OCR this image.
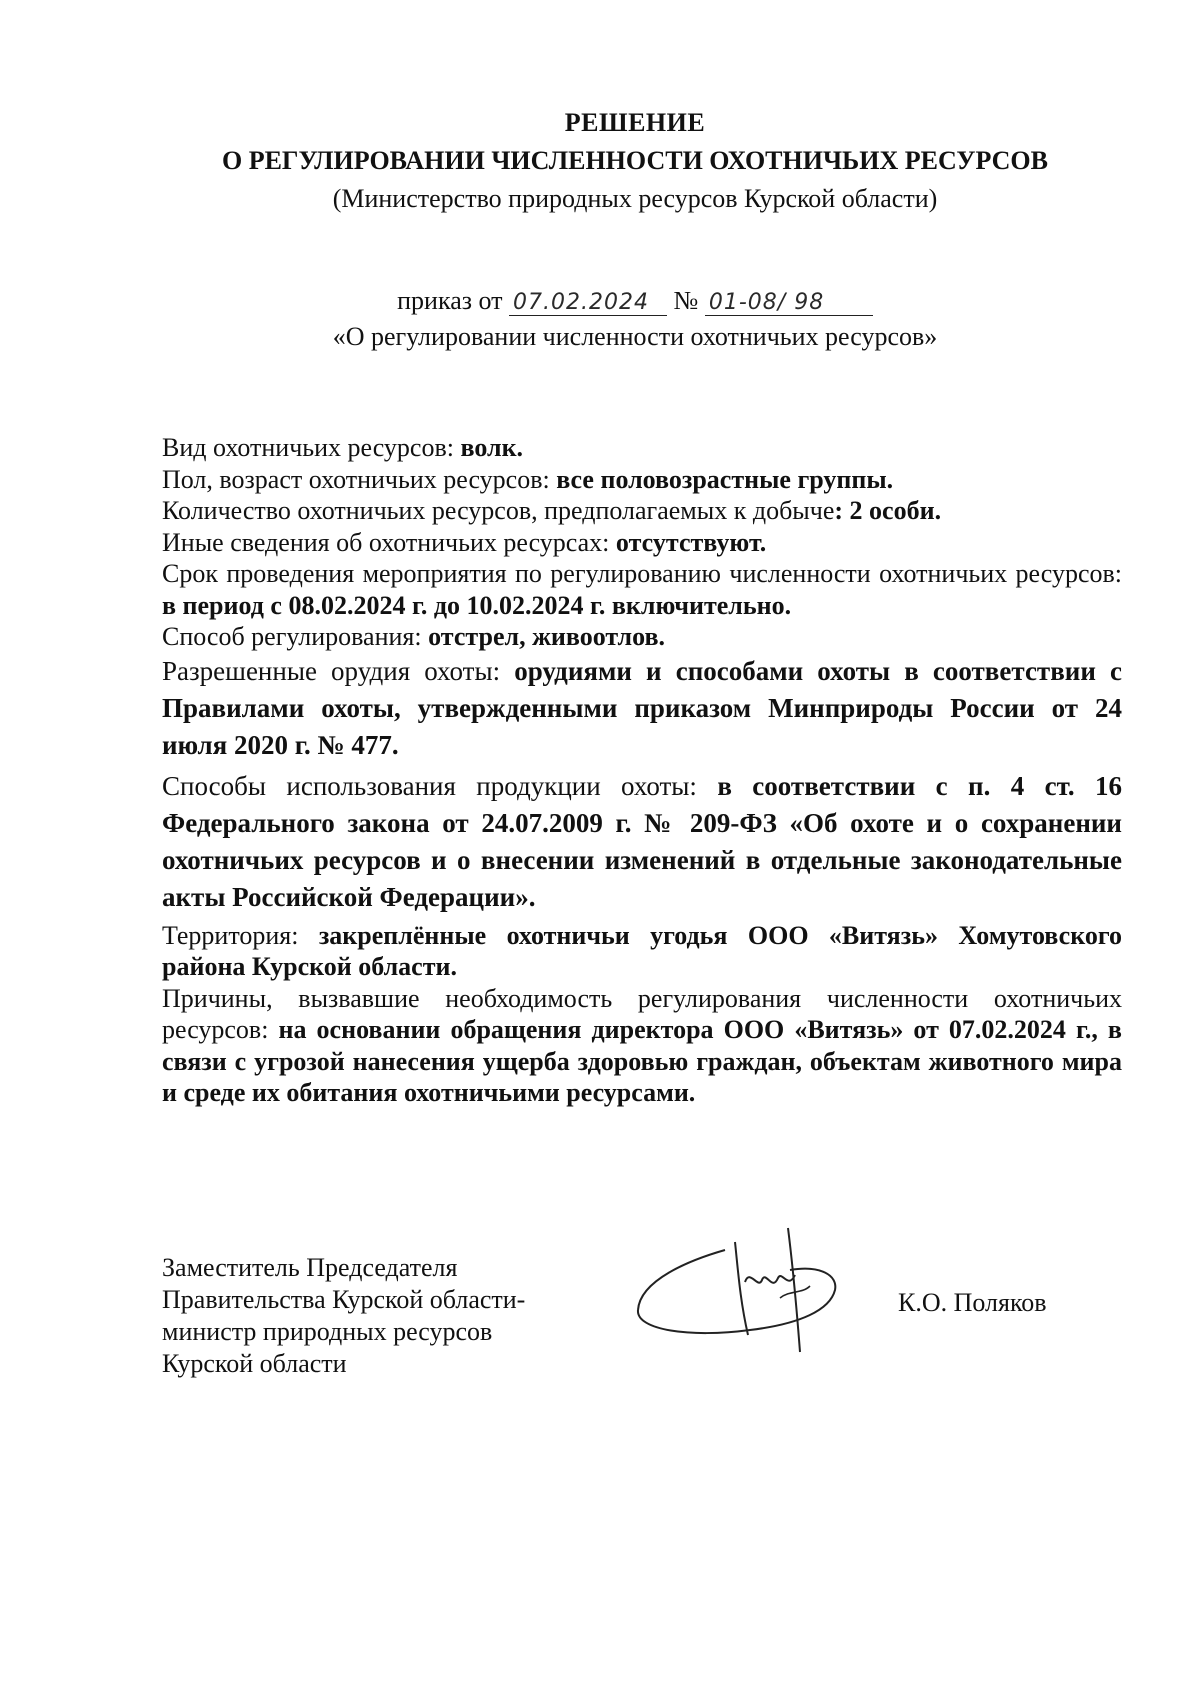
РЕШЕНИЕ
О РЕГУЛИРОВАНИИ ЧИСЛЕННОСТИ ОХОТНИЧЬИХ РЕСУРСОВ
(Министерство природных ресурсов Курской области)
приказ от 07.02.2024 № 01-08/ 98
«О регулировании численности охотничьих ресурсов»

Вид охотничьих ресурсов: волк.

Пол, возраст охотничьих ресурсов: все половозрастные группы.

Количество охотничьих ресурсов, предполагаемых к добыче: 2 особи.

Иные сведения об охотничьих ресурсах: отсутствуют.

Срок проведения мероприятия по регулированию численности охотничьих ресурсов: в период с 08.02.2024 г. до 10.02.2024 г. включительно.

Способ регулирования: отстрел, живоотлов.

Разрешенные орудия охоты: орудиями и способами охоты в соответствии с Правилами охоты, утвержденными приказом Минприроды России от 24 июля 2020 г. № 477.

Способы использования продукции охоты: в соответствии с п. 4 ст. 16 Федерального закона от 24.07.2009 г. № 209-ФЗ «Об охоте и о сохранении охотничьих ресурсов и о внесении изменений в отдельные законодательные акты Российской Федерации».

Территория: закреплённые охотничьи угодья ООО «Витязь» Хомутовского района Курской области.

Причины, вызвавшие необходимость регулирования численности охотничьих ресурсов: на основании обращения директора ООО «Витязь» от 07.02.2024 г., в связи с угрозой нанесения ущерба здоровью граждан, объектам животного мира и среде их обитания охотничьими ресурсами.

Заместитель Председателя
Правительства Курской области-
министр природных ресурсов
Курской области
К.О. Поляков
